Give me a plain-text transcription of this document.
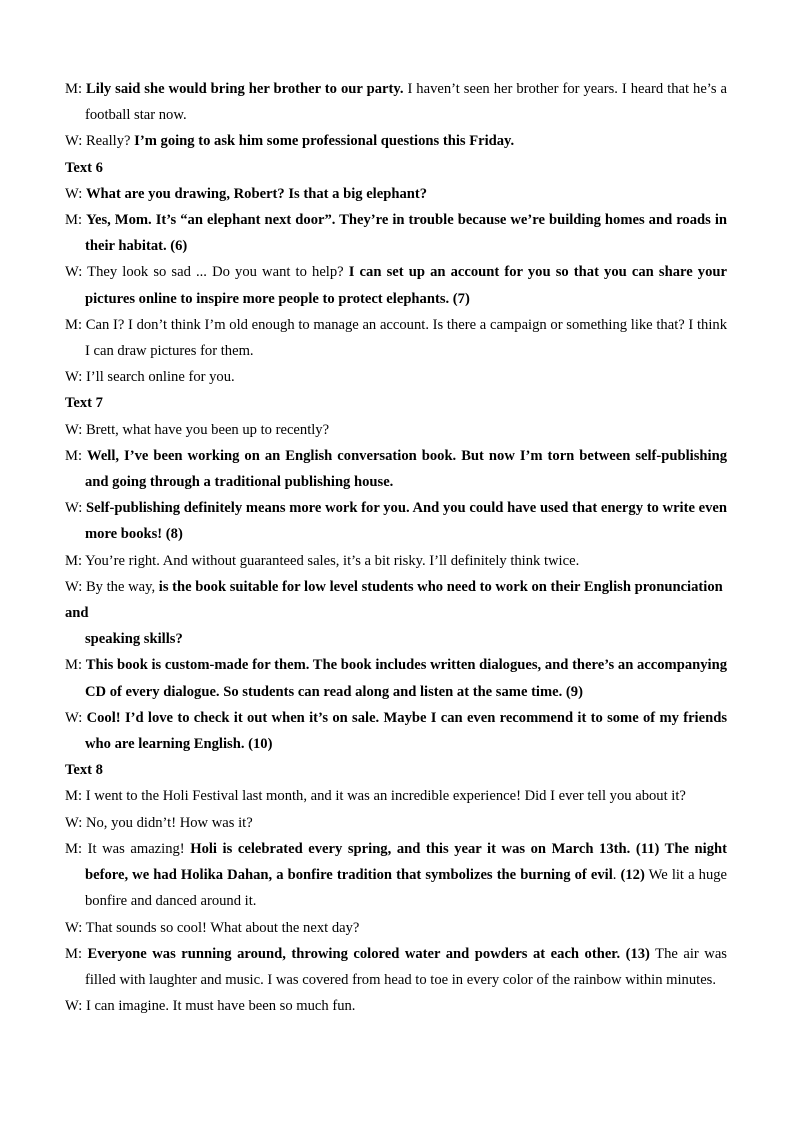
M: Lily said she would bring her brother to our party. I haven’t seen her brother for years. I heard that he’s a football star now.

W: Really? I’m going to ask him some professional questions this Friday.

Text 6

W: What are you drawing, Robert? Is that a big elephant?

M: Yes, Mom. It’s “an elephant next door”. They’re in trouble because we’re building homes and roads in their habitat. (6)

W: They look so sad ... Do you want to help? I can set up an account for you so that you can share your pictures online to inspire more people to protect elephants. (7)

M: Can I? I don’t think I’m old enough to manage an account. Is there a campaign or something like that? I think I can draw pictures for them.

W: I’ll search online for you.

Text 7

W: Brett, what have you been up to recently?

M: Well, I’ve been working on an English conversation book. But now I’m torn between self-publishing and going through a traditional publishing house.

W: Self-publishing definitely means more work for you. And you could have used that energy to write even more books! (8)

M: You’re right. And without guaranteed sales, it’s a bit risky. I’ll definitely think twice.

W: By the way, is the book suitable for low level students who need to work on their English pronunciation
and

speaking skills?

M: This book is custom-made for them. The book includes written dialogues, and there’s an accompanying CD of every dialogue. So students can read along and listen at the same time. (9)

W: Cool! I’d love to check it out when it’s on sale. Maybe I can even recommend it to some of my friends who are learning English. (10)

Text 8

M: I went to the Holi Festival last month, and it was an incredible experience! Did I ever tell you about it?

W: No, you didn’t! How was it?

M: It was amazing! Holi is celebrated every spring, and this year it was on March 13th. (11) The night before, we had Holika Dahan, a bonfire tradition that symbolizes the burning of evil. (12) We lit a huge bonfire and danced around it.

W: That sounds so cool! What about the next day?

M: Everyone was running around, throwing colored water and powders at each other. (13) The air was filled with laughter and music. I was covered from head to toe in every color of the rainbow within minutes.

W: I can imagine. It must have been so much fun.
